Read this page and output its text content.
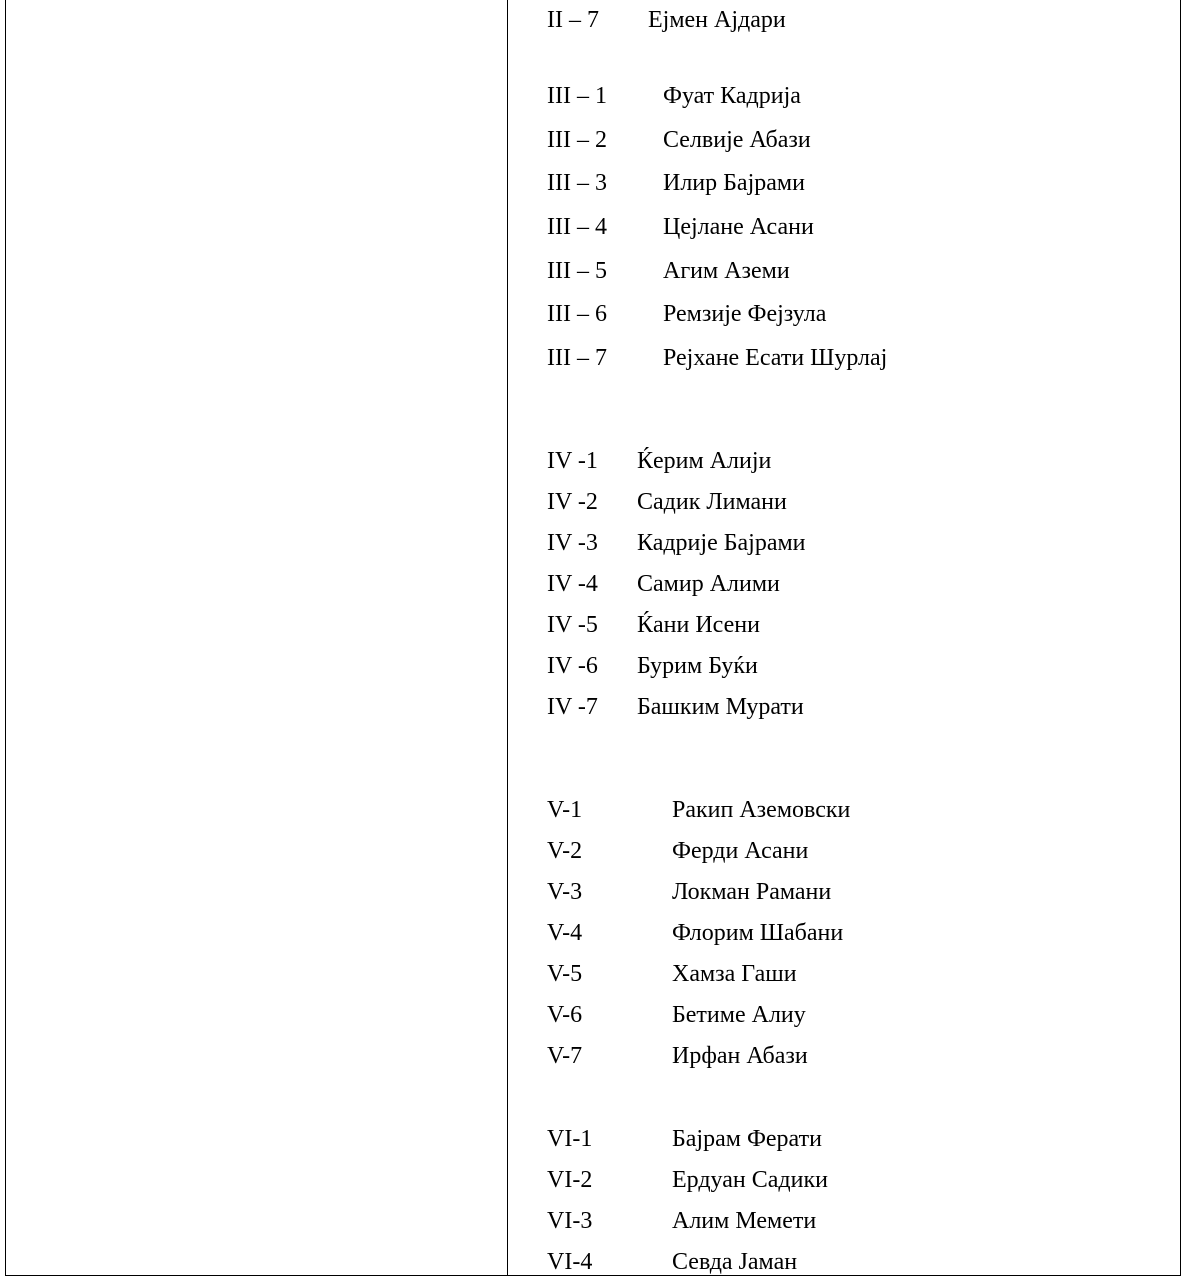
II – 7 Ејмен Ајдари
III – 1 Фуат Кадрија
III – 2 Селвије Абази
III – 3 Илир Бајрами
III – 4 Цејлане Асани
III – 5 Агим Аземи
III – 6 Ремзије Фејзула
III – 7 Рејхане Есати Шурлај
IV -1 Ќерим Алији
IV -2 Садик Лимани
IV -3 Кадрије Бајрами
IV -4 Самир Алими
IV -5 Ќани Исени
IV -6 Бурим Буќи
IV -7 Башким Мурати
V-1	Ракип Аземовски
V-2	Ферди Асани
V-3	Локман Рамани
V-4	Флорим Шабани
V-5	Хамза Гаши
V-6	Бетиме Алиу
V-7	Ирфан Абази
VI-1	Бајрам Ферати
VI-2	Ердуан Садики
VI-3	Алим Мемети
VI-4	Севда Јаман
